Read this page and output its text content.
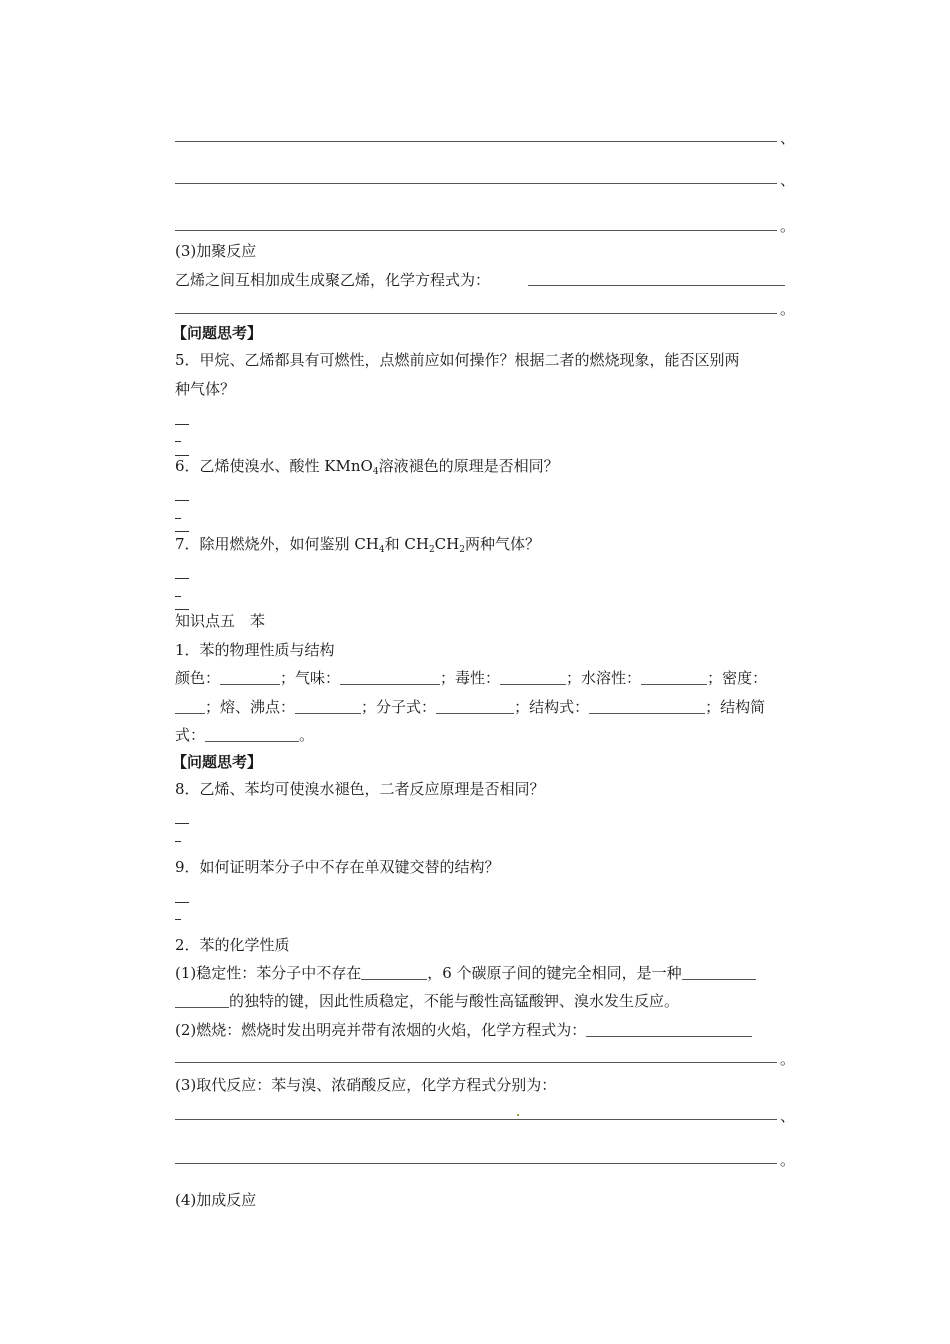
、
、
。
(3)加聚反应
乙烯之间互相加成生成聚乙烯，化学方程式为：
。
【问题思考】
5．甲烷、乙烯都具有可燃性，点燃前应如何操作？根据二者的燃烧现象，能否区别两
种气体？
6．乙烯使溴水、酸性 KMnO$_4$溶液褪色的原理是否相同？
7．除用燃烧外，如何鉴别 $CH_4$和 $CH_2CH_2$两种气体？
知识点五　苯
1．苯的物理性质与结构
颜色：	；气味：	；毒性：	；水溶性：	；密度：
；熔、沸点：	；分子式：	；结构式：	；结构简
式：	。
【问题思考】
8．乙烯、苯均可使溴水褪色，二者反应原理是否相同？
9．如何证明苯分子中不存在单双键交替的结构？
2．苯的化学性质
(1)稳定性：苯分子中不存在	，6 个碳原子间的键完全相同，是一种
的独特的键，因此性质稳定，不能与酸性高锰酸钾、溴水发生反应。
(2)燃烧：燃烧时发出明亮并带有浓烟的火焰，化学方程式为：
。
(3)取代反应：苯与溴、浓硝酸反应，化学方程式分别为：
、
。
(4)加成反应
